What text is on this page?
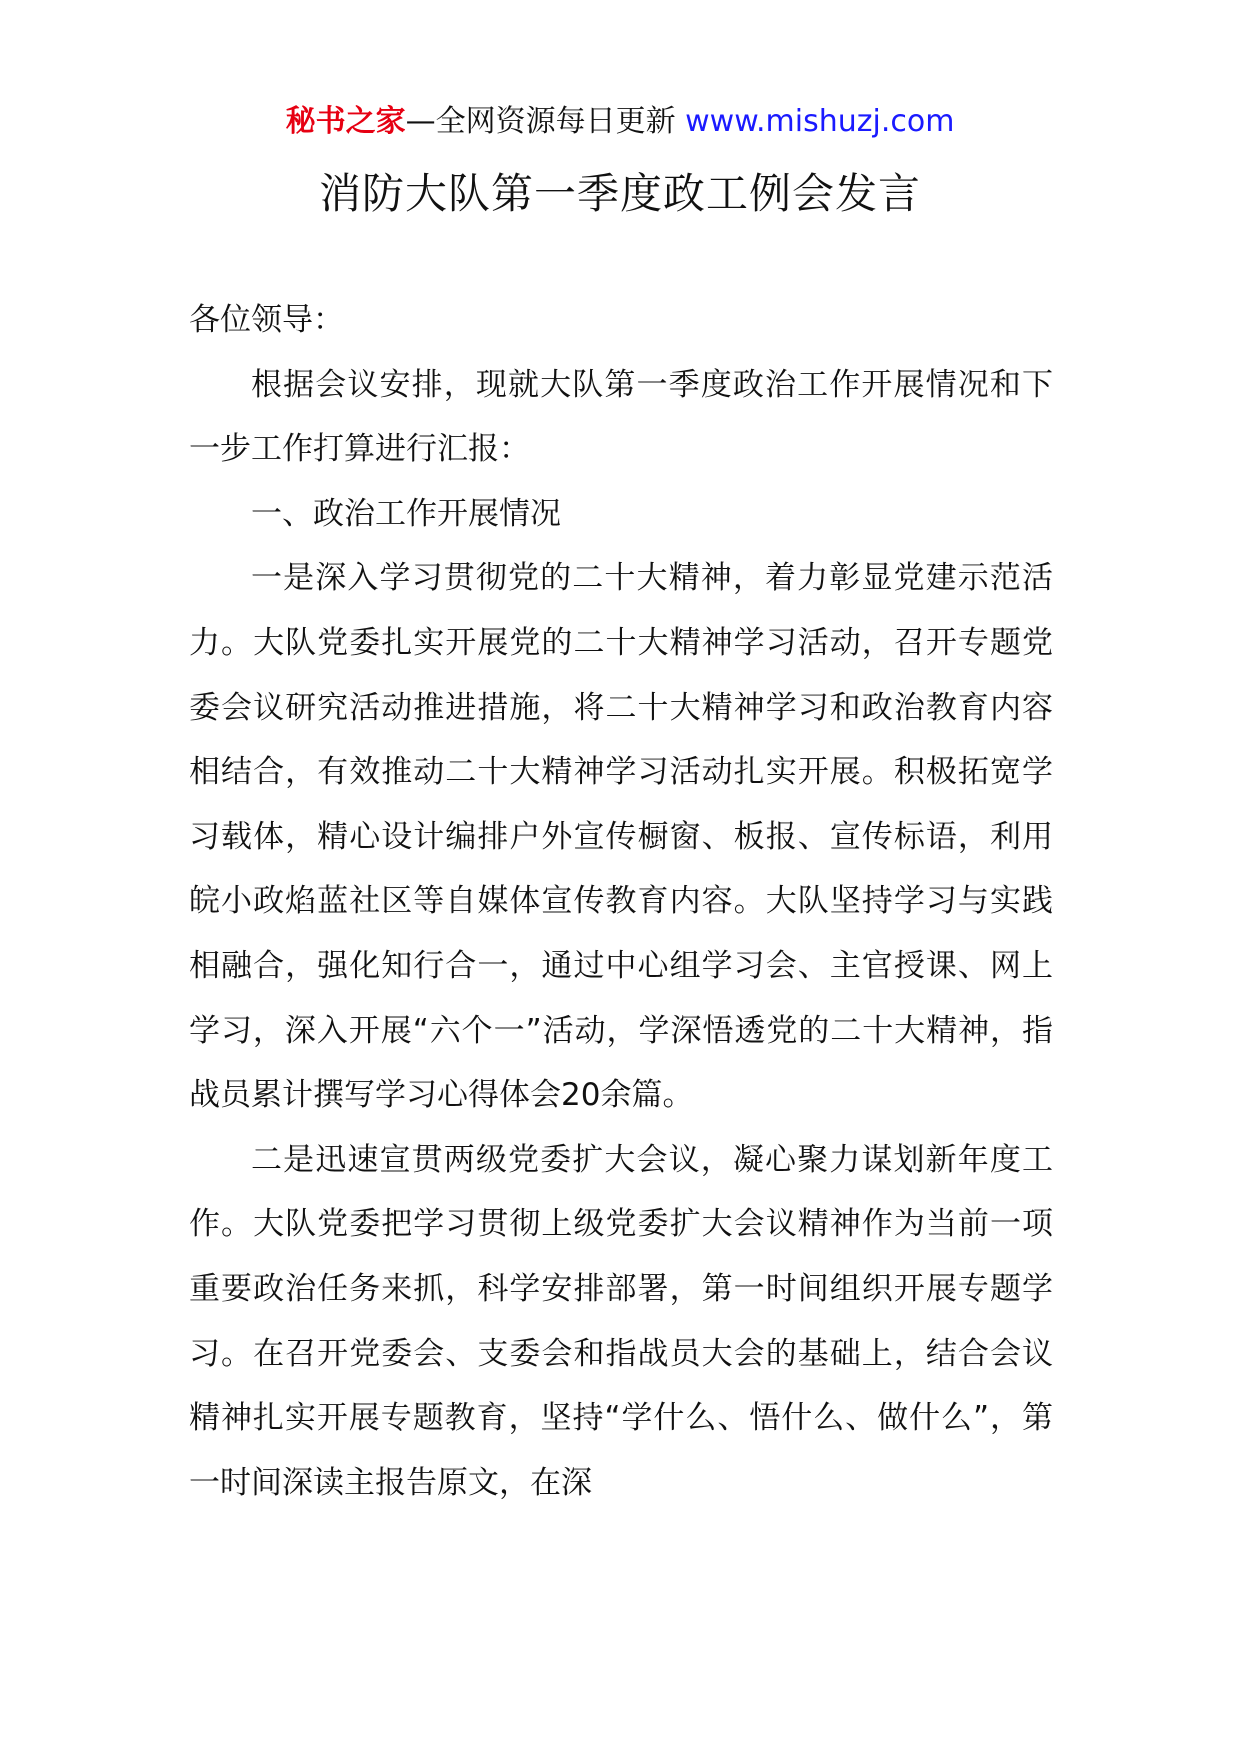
秘书之家—全网资源每日更新 www.mishuzj.com
消防大队第一季度政工例会发言

各位领导：

根据会议安排，现就大队第一季度政治工作开展情况和下一步工作打算进行汇报：

一、政治工作开展情况

一是深入学习贯彻党的二十大精神，着力彰显党建示范活力。大队党委扎实开展党的二十大精神学习活动，召开专题党委会议研究活动推进措施，将二十大精神学习和政治教育内容相结合，有效推动二十大精神学习活动扎实开展。积极拓宽学习载体，精心设计编排户外宣传橱窗、板报、宣传标语，利用皖小政焰蓝社区等自媒体宣传教育内容。大队坚持学习与实践相融合，强化知行合一，通过中心组学习会、主官授课、网上学习，深入开展“六个一”活动，学深悟透党的二十大精神，指战员累计撰写学习心得体会20余篇。

二是迅速宣贯两级党委扩大会议，凝心聚力谋划新年度工作。大队党委把学习贯彻上级党委扩大会议精神作为当前一项重要政治任务来抓，科学安排部署，第一时间组织开展专题学习。在召开党委会、支委会和指战员大会的基础上，结合会议精神扎实开展专题教育，坚持“学什么、悟什么、做什么”，第一时间深读主报告原文，在深
